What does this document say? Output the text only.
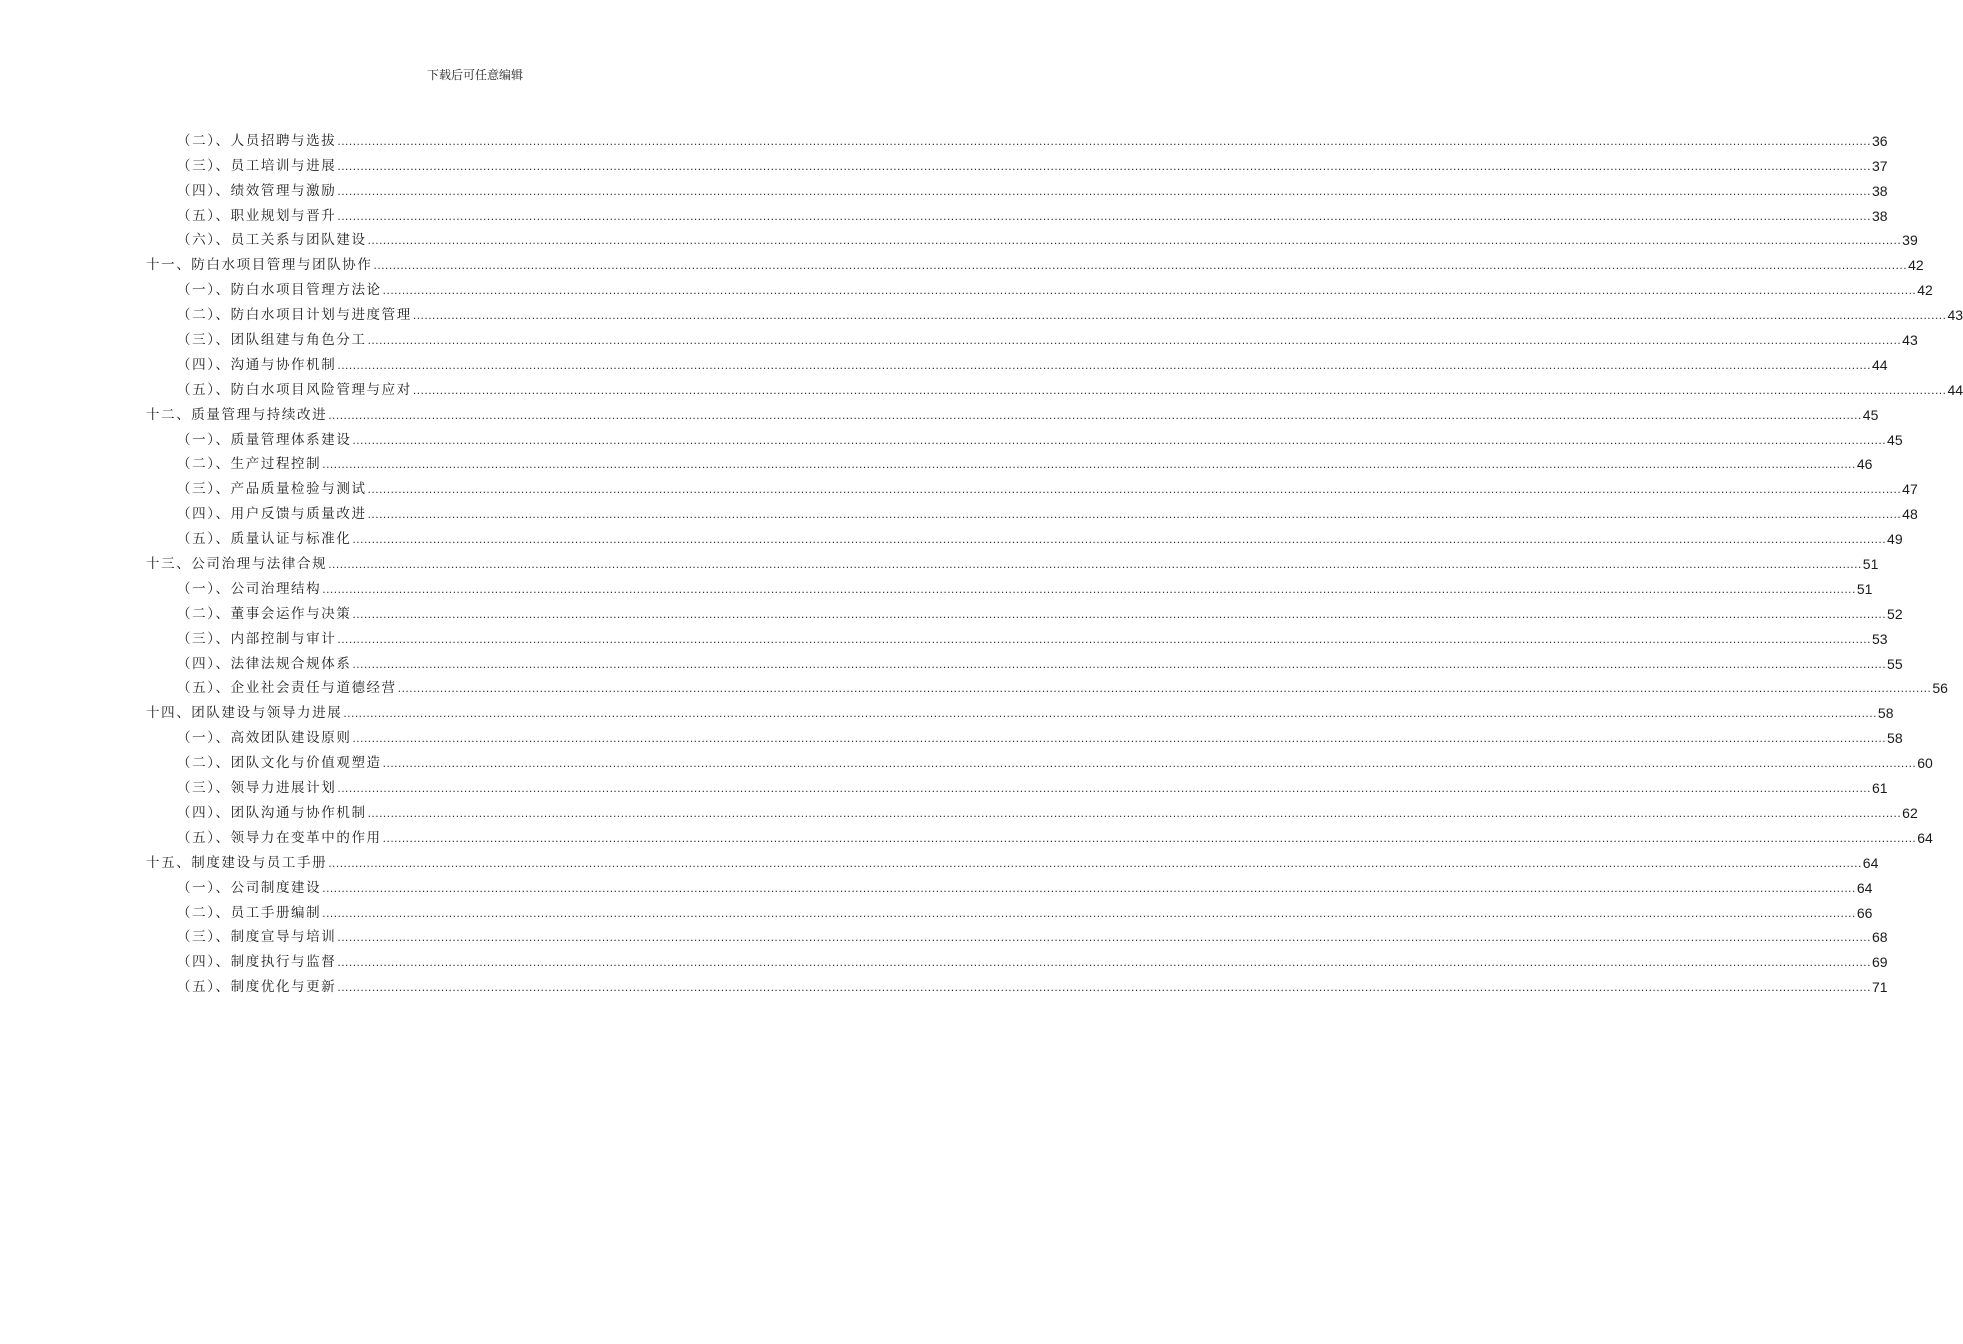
下载后可任意编辑
（二）、人员招聘与选拔 ................................................................................................................................................................................................................................................................................................................................................................................................................ 36
（三）、员工培训与进展 ................................................................................................................................................................................................................................................................................................................................................................................................................ 37
（四）、绩效管理与激励 ................................................................................................................................................................................................................................................................................................................................................................................................................ 38
（五）、职业规划与晋升 ................................................................................................................................................................................................................................................................................................................................................................................................................ 38
（六）、员工关系与团队建设 ................................................................................................................................................................................................................................................................................................................................................................................................................ 39
十一、防白水项目管理与团队协作 ................................................................................................................................................................................................................................................................................................................................................................................................................ 42
（一）、防白水项目管理方法论 ................................................................................................................................................................................................................................................................................................................................................................................................................ 42
（二）、防白水项目计划与进度管理 ................................................................................................................................................................................................................................................................................................................................................................................................................ 43
（三）、团队组建与角色分工 ................................................................................................................................................................................................................................................................................................................................................................................................................ 43
（四）、沟通与协作机制 ................................................................................................................................................................................................................................................................................................................................................................................................................ 44
（五）、防白水项目风险管理与应对 ................................................................................................................................................................................................................................................................................................................................................................................................................ 44
十二、质量管理与持续改进 ................................................................................................................................................................................................................................................................................................................................................................................................................ 45
（一）、质量管理体系建设 ................................................................................................................................................................................................................................................................................................................................................................................................................ 45
（二）、生产过程控制 ................................................................................................................................................................................................................................................................................................................................................................................................................ 46
（三）、产品质量检验与测试 ................................................................................................................................................................................................................................................................................................................................................................................................................ 47
（四）、用户反馈与质量改进 ................................................................................................................................................................................................................................................................................................................................................................................................................ 48
（五）、质量认证与标准化 ................................................................................................................................................................................................................................................................................................................................................................................................................ 49
十三、公司治理与法律合规 ................................................................................................................................................................................................................................................................................................................................................................................................................ 51
（一）、公司治理结构 ................................................................................................................................................................................................................................................................................................................................................................................................................ 51
（二）、董事会运作与决策 ................................................................................................................................................................................................................................................................................................................................................................................................................ 52
（三）、内部控制与审计 ................................................................................................................................................................................................................................................................................................................................................................................................................ 53
（四）、法律法规合规体系 ................................................................................................................................................................................................................................................................................................................................................................................................................ 55
（五）、企业社会责任与道德经营 ................................................................................................................................................................................................................................................................................................................................................................................................................ 56
十四、团队建设与领导力进展 ................................................................................................................................................................................................................................................................................................................................................................................................................ 58
（一）、高效团队建设原则 ................................................................................................................................................................................................................................................................................................................................................................................................................ 58
（二）、团队文化与价值观塑造 ................................................................................................................................................................................................................................................................................................................................................................................................................ 60
（三）、领导力进展计划 ................................................................................................................................................................................................................................................................................................................................................................................................................ 61
（四）、团队沟通与协作机制 ................................................................................................................................................................................................................................................................................................................................................................................................................ 62
（五）、领导力在变革中的作用 ................................................................................................................................................................................................................................................................................................................................................................................................................ 64
十五、制度建设与员工手册 ................................................................................................................................................................................................................................................................................................................................................................................................................ 64
（一）、公司制度建设 ................................................................................................................................................................................................................................................................................................................................................................................................................ 64
（二）、员工手册编制 ................................................................................................................................................................................................................................................................................................................................................................................................................ 66
（三）、制度宣导与培训 ................................................................................................................................................................................................................................................................................................................................................................................................................ 68
（四）、制度执行与监督 ................................................................................................................................................................................................................................................................................................................................................................................................................ 69
（五）、制度优化与更新 ................................................................................................................................................................................................................................................................................................................................................................................................................ 71
